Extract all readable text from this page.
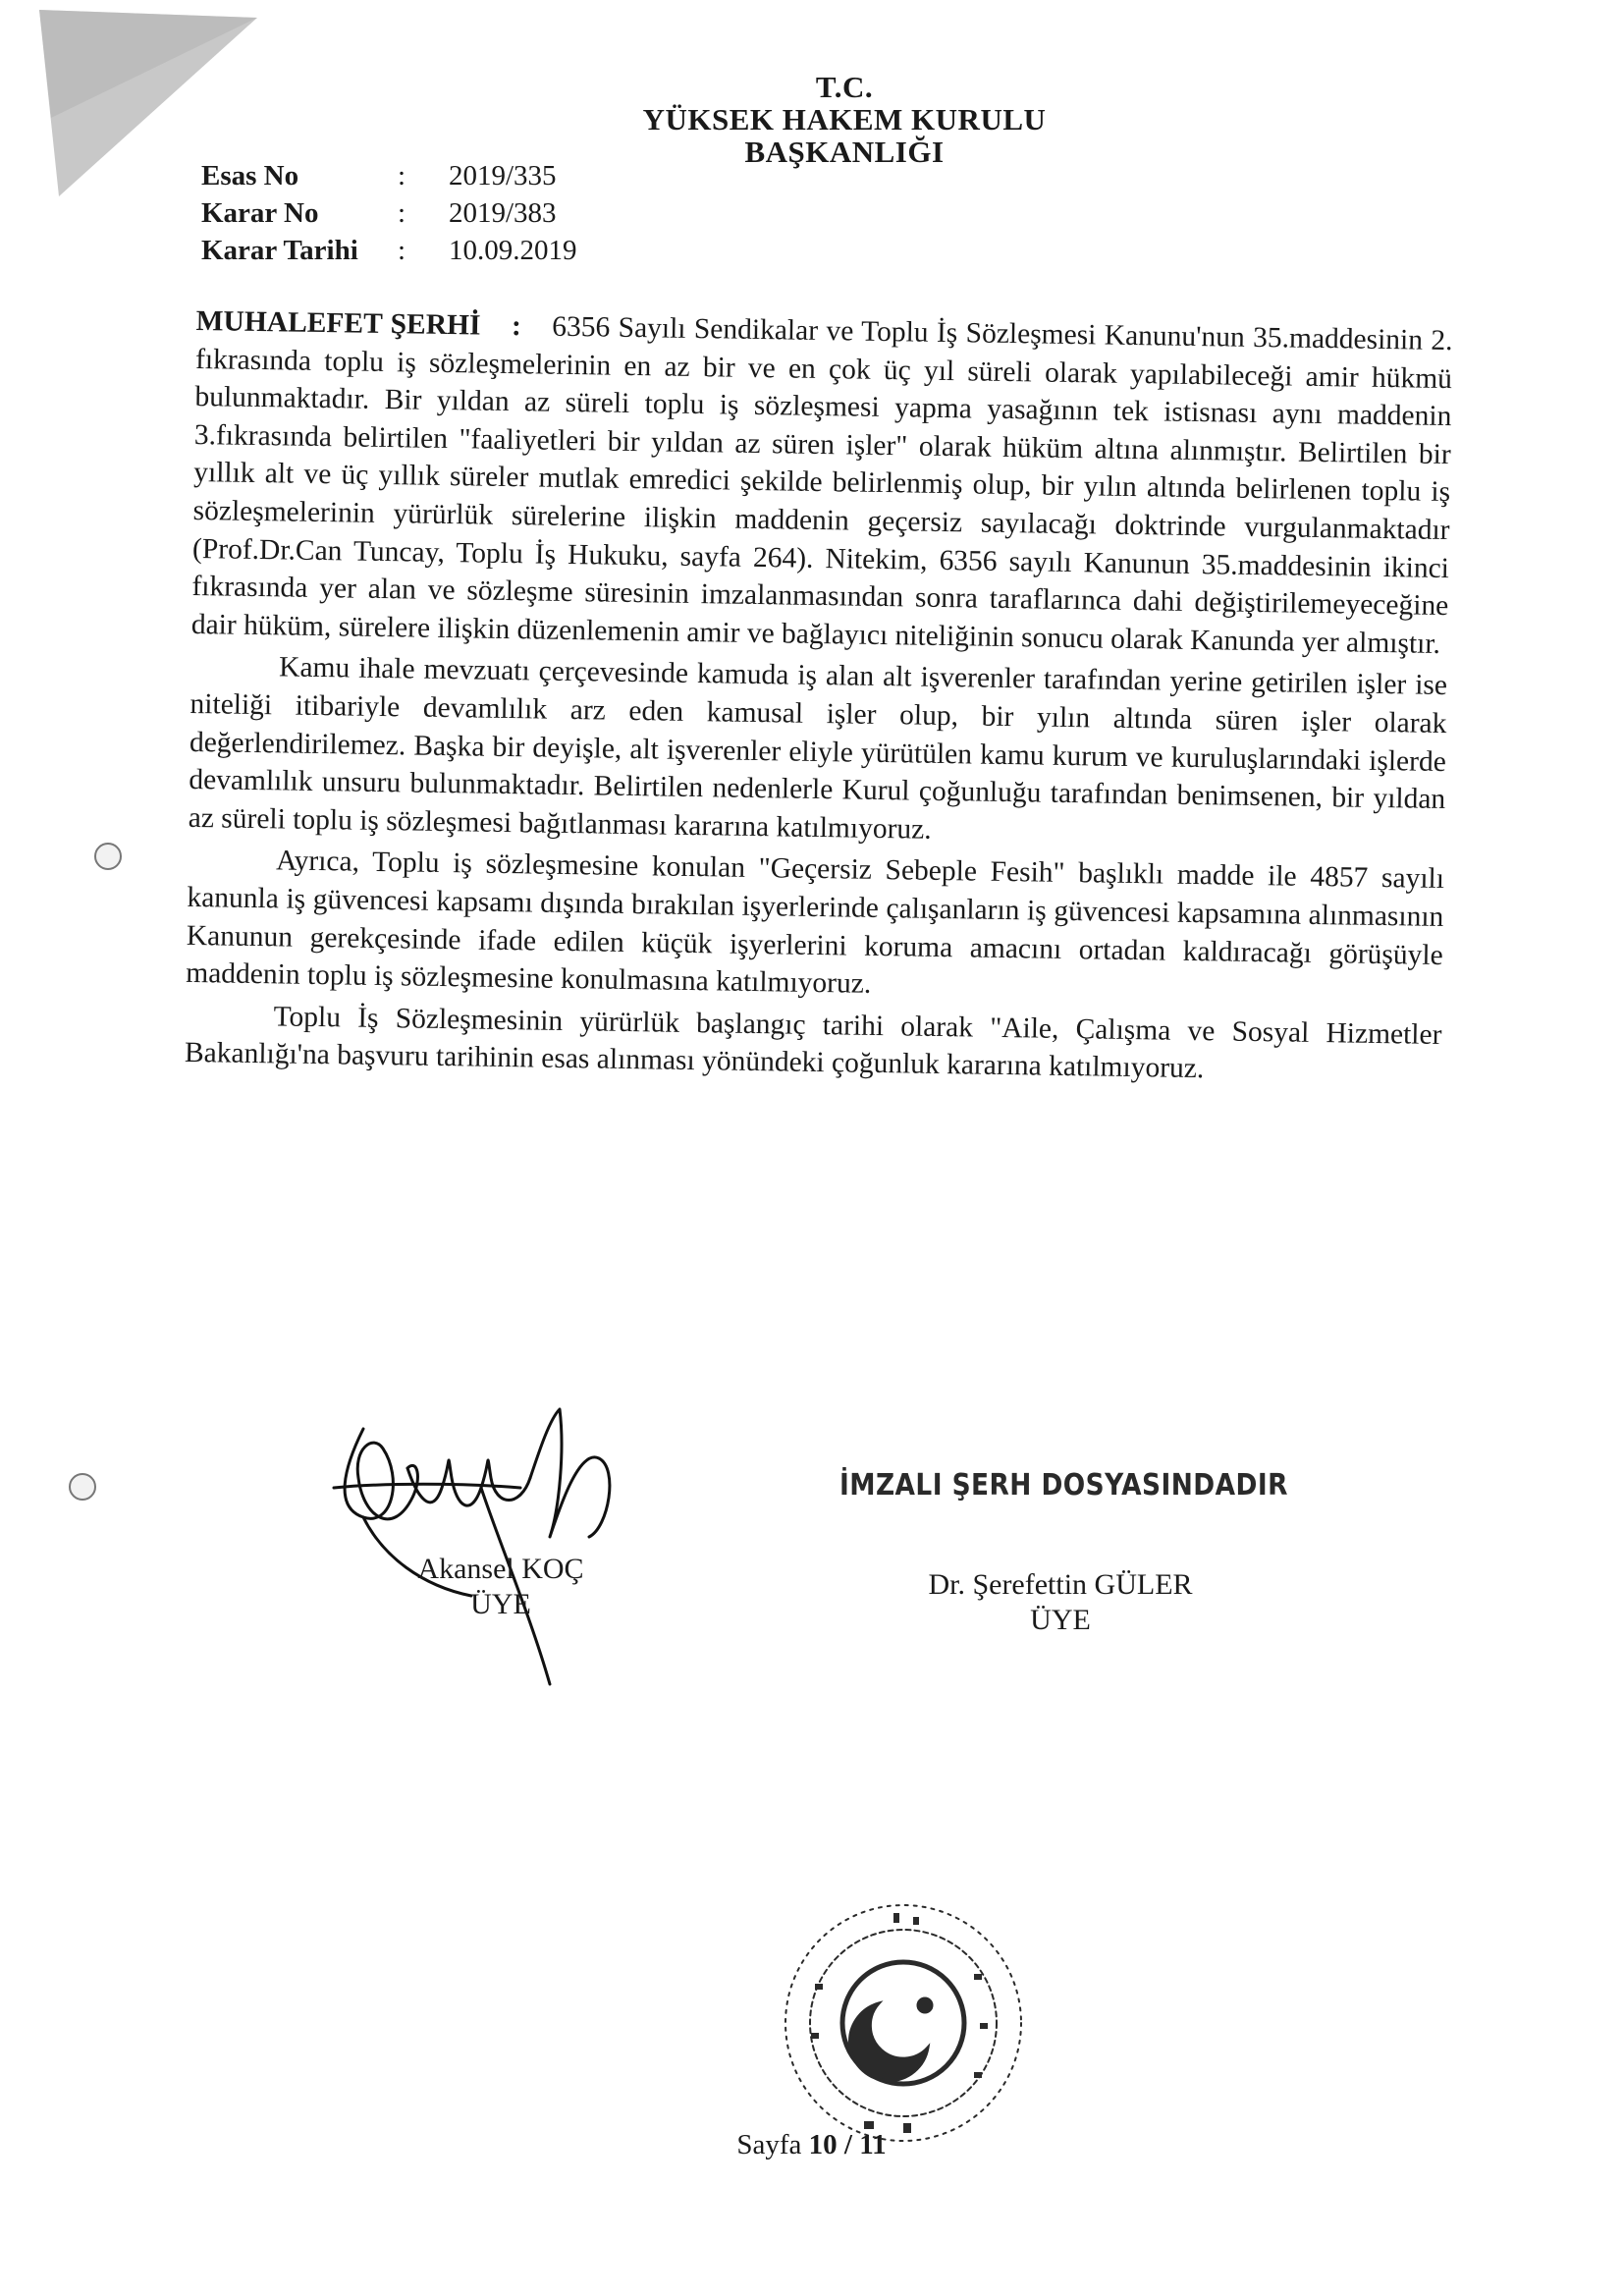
T.C.
YÜKSEK HAKEM KURULU
BAŞKANLIĞI
Esas No	:	2019/335
Karar No	:	2019/383
Karar Tarihi	:	10.09.2019

MUHALEFET ŞERHİ : 6356 Sayılı Sendikalar ve Toplu İş Sözleşmesi Kanunu'nun 35.maddesinin 2. fıkrasında toplu iş sözleşmelerinin en az bir ve en çok üç yıl süreli olarak yapılabileceği amir hükmü bulunmaktadır. Bir yıldan az süreli toplu iş sözleşmesi yapma yasağının tek istisnası aynı maddenin 3.fıkrasında belirtilen "faaliyetleri bir yıldan az süren işler" olarak hüküm altına alınmıştır. Belirtilen bir yıllık alt ve üç yıllık süreler mutlak emredici şekilde belirlenmiş olup, bir yılın altında belirlenen toplu iş sözleşmelerinin yürürlük sürelerine ilişkin maddenin geçersiz sayılacağı doktrinde vurgulanmaktadır (Prof.Dr.Can Tuncay, Toplu İş Hukuku, sayfa 264). Nitekim, 6356 sayılı Kanunun 35.maddesinin ikinci fıkrasında yer alan ve sözleşme süresinin imzalanmasından sonra taraflarınca dahi değiştirilemeyeceğine dair hüküm, sürelere ilişkin düzenlemenin amir ve bağlayıcı niteliğinin sonucu olarak Kanunda yer almıştır.

Kamu ihale mevzuatı çerçevesinde kamuda iş alan alt işverenler tarafından yerine getirilen işler ise niteliği itibariyle devamlılık arz eden kamusal işler olup, bir yılın altında süren işler olarak değerlendirilemez. Başka bir deyişle, alt işverenler eliyle yürütülen kamu kurum ve kuruluşlarındaki işlerde devamlılık unsuru bulunmaktadır. Belirtilen nedenlerle Kurul çoğunluğu tarafından benimsenen, bir yıldan az süreli toplu iş sözleşmesi bağıtlanması kararına katılmıyoruz.

Ayrıca, Toplu iş sözleşmesine konulan "Geçersiz Sebeple Fesih" başlıklı madde ile 4857 sayılı kanunla iş güvencesi kapsamı dışında bırakılan işyerlerinde çalışanların iş güvencesi kapsamına alınmasının Kanunun gerekçesinde ifade edilen küçük işyerlerini koruma amacını ortadan kaldıracağı görüşüyle maddenin toplu iş sözleşmesine konulmasına katılmıyoruz.

Toplu İş Sözleşmesinin yürürlük başlangıç tarihi olarak "Aile, Çalışma ve Sosyal Hizmetler Bakanlığı'na başvuru tarihinin esas alınması yönündeki çoğunluk kararına katılmıyoruz.

Akansel KOÇ
ÜYE
İMZALI ŞERH DOSYASINDADIR
Dr. Şerefettin GÜLER
ÜYE
Sayfa 10 / 11
